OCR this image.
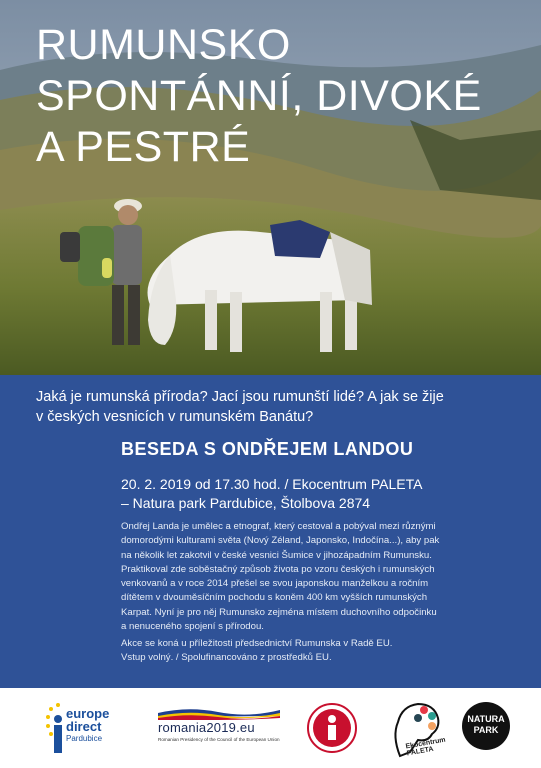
RUMUNSKO
SPONTÁNNÍ, DIVOKÉ
A PESTRÉ

Jaká je rumunská příroda? Jací jsou rumunští lidé? A jak se žije
v českých vesnicích v rumunském Banátu?

BESEDA S ONDŘEJEM LANDOU

20. 2. 2019 od 17.30 hod. / Ekocentrum PALETA
– Natura park Pardubice, Štolbova 2874

Ondřej Landa je umělec a etnograf, který cestoval a pobýval mezi různými
domorodými kulturami světa (Nový Zéland, Japonsko, Indočína...), aby pak
na několik let zakotvil v české vesnici Šumice v jihozápadním Rumunsku.
Praktikoval zde soběstačný způsob života po vzoru českých i rumunských
venkovanů a v roce 2014 přešel se svou japonskou manželkou a ročním
dítětem v dvouměsíčním pochodu s koněm 400 km vyšších rumunských
Karpat. Nyní je pro něj Rumunsko zejména místem duchovního odpočinku
a nenuceného spojení s přírodou.

Akce se koná u příležitosti předsednictví Rumunska v Radě EU.
Vstup volný. / Spolufinancováno z prostředků EU.

europe
direct
Pardubice
romania2019.eu
Romanian Presidency of the Council of the European Union	Ekocentrum PALETA
NATURA
PARK
